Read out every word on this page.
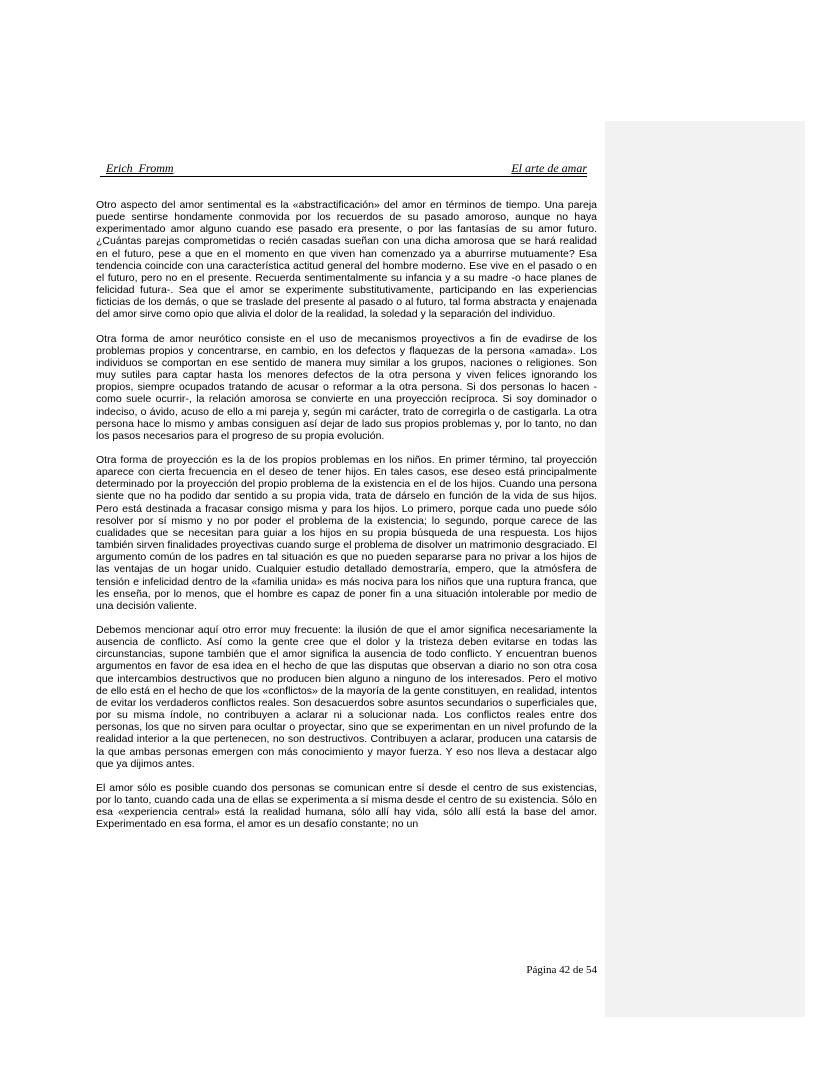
Erich  Fromm	El arte de amar

Otro aspecto del amor sentimental es la «abstractificación» del amor en términos de tiempo. Una pareja puede sentirse hondamente conmovida por los recuerdos de su pasado amoroso, aunque no haya experimentado amor alguno cuando ese pasado era presente, o por las fantasías de su amor futuro. ¿Cuántas parejas comprometidas o recién casadas sueñan con una dicha amorosa que se hará realidad en el futuro, pese a que en el momento en que viven han comenzado ya a aburrirse mutuamente? Esa tendencia coincide con una característica actitud general del hombre moderno. Ese vive en el pasado o en el futuro, pero no en el presente. Recuerda sentimentalmente su infancia y a su madre -o hace planes de felicidad futura-. Sea que el amor se experimente substitutivamente, participando en las experiencias ficticias de los demás, o que se traslade del presente al pasado o al futuro, tal forma abstracta y enajenada del amor sirve como opio que alivia el dolor de la realidad, la soledad y la separación del individuo.

Otra forma de amor neurótico consiste en el uso de mecanismos proyectivos a fin de evadirse de los problemas propios y concentrarse, en cambio, en los defectos y flaquezas de la persona «amada». Los individuos se comportan en ese sentido de manera muy similar a los grupos, naciones o religiones. Son muy sutiles para captar hasta los menores defectos de la otra persona y viven felices ignorando los propios, siempre ocupados tratando de acusar o reformar a la otra persona. Si dos personas lo hacen -como suele ocurrir-, la relación amorosa se convierte en una proyección recíproca. Si soy dominador o indeciso, o ávido, acuso de ello a mi pareja y, según mi carácter, trato de corregirla o de castigarla. La otra persona hace lo mismo y ambas consiguen así dejar de lado sus propios problemas y, por lo tanto, no dan los pasos necesarios para el progreso de su propia evolución.

Otra forma de proyección es la de los propios problemas en los niños. En primer término, tal proyección aparece con cierta frecuencia en el deseo de tener hijos. En tales casos, ese deseo está principalmente determinado por la proyección del propio problema de la existencia en el de los hijos. Cuando una persona siente que no ha podido dar sentido a su propia vida, trata de dárselo en función de la vida de sus hijos. Pero está destinada a fracasar consigo misma y para los hijos. Lo primero, porque cada uno puede sólo resolver por sí mismo y no por poder el problema de la existencia; lo segundo, porque carece de las cualidades que se necesitan para guiar a los hijos en su propia búsqueda de una respuesta. Los hijos también sirven finalidades proyectivas cuando surge el problema de disolver un matrimonio desgraciado. El argumento común de los padres en tal situación es que no pueden separarse para no privar a los hijos de las ventajas de un hogar unido. Cualquier estudio detallado demostraría, empero, que la atmósfera de tensión e infelicidad dentro de la «familia unida» es más nociva para los niños que una ruptura franca, que les enseña, por lo menos, que el hombre es capaz de poner fin a una situación intolerable por medio de una decisión valiente.

Debemos mencionar aquí otro error muy frecuente: la ilusión de que el amor significa necesariamente la ausencia de conflicto. Así como la gente cree que el dolor y la tristeza deben evitarse en todas las circunstancias, supone también que el amor significa la ausencia de todo conflicto. Y encuentran buenos argumentos en favor de esa idea en el hecho de que las disputas que observan a diario no son otra cosa que intercambios destructivos que no producen bien alguno a ninguno de los interesados. Pero el motivo de ello está en el hecho de que los «conflictos» de la mayoría de la gente constituyen, en realidad, intentos de evitar los verdaderos conflictos reales. Son desacuerdos sobre asuntos secundarios o superficiales que, por su misma índole, no contribuyen a aclarar ni a solucionar nada. Los conflictos reales entre dos personas, los que no sirven para ocultar o proyectar, sino que se experimentan en un nivel profundo de la realidad interior a la que pertenecen, no son destructivos. Contribuyen a aclarar, producen una catarsis de la que ambas personas emergen con más conocimiento y mayor fuerza. Y eso nos lleva a destacar algo que ya dijimos antes.

El amor sólo es posible cuando dos personas se comunican entre sí desde el centro de sus existencias, por lo tanto, cuando cada una de ellas se experimenta a sí misma desde el centro de su existencia. Sólo en esa «experiencia central» está la realidad humana, sólo allí hay vida, sólo allí está la base del amor. Experimentado en esa forma, el amor es un desafío constante; no un

Página 42 de 54
